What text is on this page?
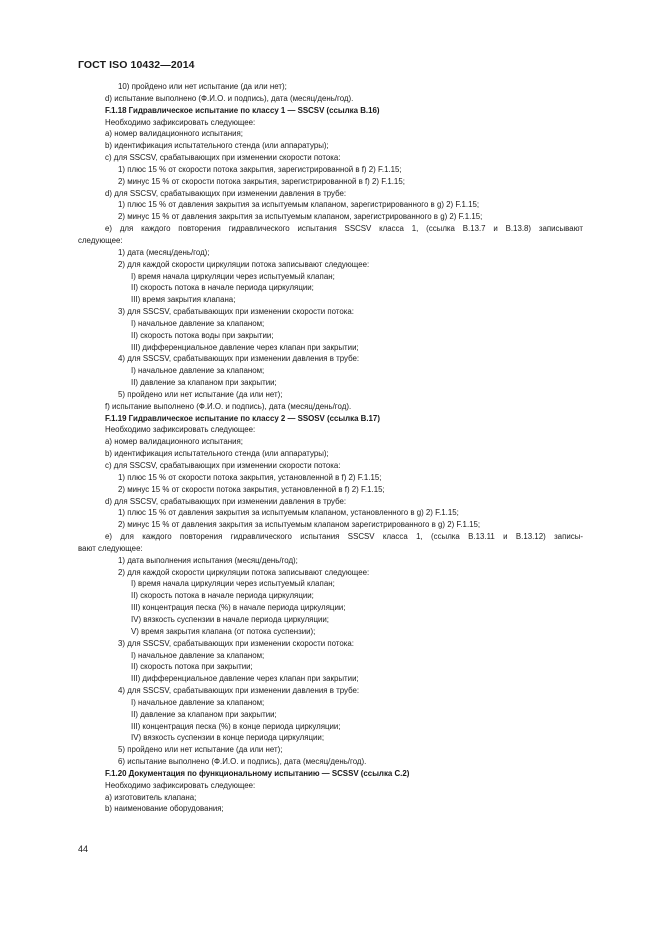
ГОСТ ISO 10432—2014
10) пройдено или нет испытание (да или нет);
d) испытание выполнено (Ф.И.О. и подпись), дата (месяц/день/год).
F.1.18 Гидравлическое испытание по классу 1 — SSCSV (ссылка В.16)
Необходимо зафиксировать следующее:
a) номер валидационного испытания;
b) идентификация испытательного стенда (или аппаратуры);
c) для SSCSV, срабатывающих при изменении скорости потока:
1) плюс 15 % от скорости потока закрытия, зарегистрированной в f) 2) F.1.15;
2) минус 15 % от скорости потока закрытия, зарегистрированной в f) 2) F.1.15;
d) для SSCSV, срабатывающих при изменении давления в трубе:
1) плюс 15 % от давления закрытия за испытуемым клапаном, зарегистрированного в g) 2) F.1.15;
2) минус 15 % от давления закрытия за испытуемым клапаном, зарегистрированного в g) 2) F.1.15;
e) для каждого повторения гидравлического испытания SSCSV класса 1, (ссылка В.13.7 и В.13.8) записывают
следующее:
1) дата (месяц/день/год);
2) для каждой скорости циркуляции потока записывают следующее:
I) время начала циркуляции через испытуемый клапан;
II) скорость потока в начале периода циркуляции;
III) время закрытия клапана;
3) для SSCSV, срабатывающих при изменении скорости потока:
I) начальное давление за клапаном;
II) скорость потока воды при закрытии;
III) дифференциальное давление через клапан при закрытии;
4) для SSCSV, срабатывающих при изменении давления в трубе:
I) начальное давление за клапаном;
II) давление за клапаном при закрытии;
5) пройдено или нет испытание (да или нет);
f) испытание выполнено (Ф.И.О. и подпись), дата (месяц/день/год).
F.1.19 Гидравлическое испытание по классу 2 — SSOSV (ссылка В.17)
Необходимо зафиксировать следующее:
a) номер валидационного испытания;
b) идентификация испытательного стенда (или аппаратуры);
c) для SSCSV, срабатывающих при изменении скорости потока:
1) плюс 15 % от скорости потока закрытия, установленной в f) 2) F.1.15;
2) минус 15 % от скорости потока закрытия, установленной в f) 2) F.1.15;
d) для SSCSV, срабатывающих при изменении давления в трубе:
1) плюс 15 % от давления закрытия за испытуемым клапаном, установленного в g) 2) F.1.15;
2) минус 15 % от давления закрытия за испытуемым клапаном зарегистрированного в g) 2) F.1.15;
e) для каждого повторения гидравлического испытания SSCSV класса 1, (ссылка В.13.11 и В.13.12) записы-
вают следующее:
1) дата выполнения испытания (месяц/день/год);
2) для каждой скорости циркуляции потока записывают следующее:
I) время начала циркуляции через испытуемый клапан;
II) скорость потока в начале периода циркуляции;
III) концентрация песка (%) в начале периода циркуляции;
IV) вязкость суспензии в начале периода циркуляции;
V) время закрытия клапана (от потока суспензии);
3) для SSCSV, срабатывающих при изменении скорости потока:
I) начальное давление за клапаном;
II) скорость потока при закрытии;
III) дифференциальное давление через клапан при закрытии;
4) для SSCSV, срабатывающих при изменении давления в трубе:
I) начальное давление за клапаном;
II) давление за клапаном при закрытии;
III) концентрация песка (%) в конце периода циркуляции;
IV) вязкость суспензии в конце периода циркуляции;
5) пройдено или нет испытание (да или нет);
6) испытание выполнено (Ф.И.О. и подпись), дата (месяц/день/год).
F.1.20 Документация по функциональному испытанию — SCSSV (ссылка С.2)
Необходимо зафиксировать следующее:
a) изготовитель клапана;
b) наименование оборудования;
44
